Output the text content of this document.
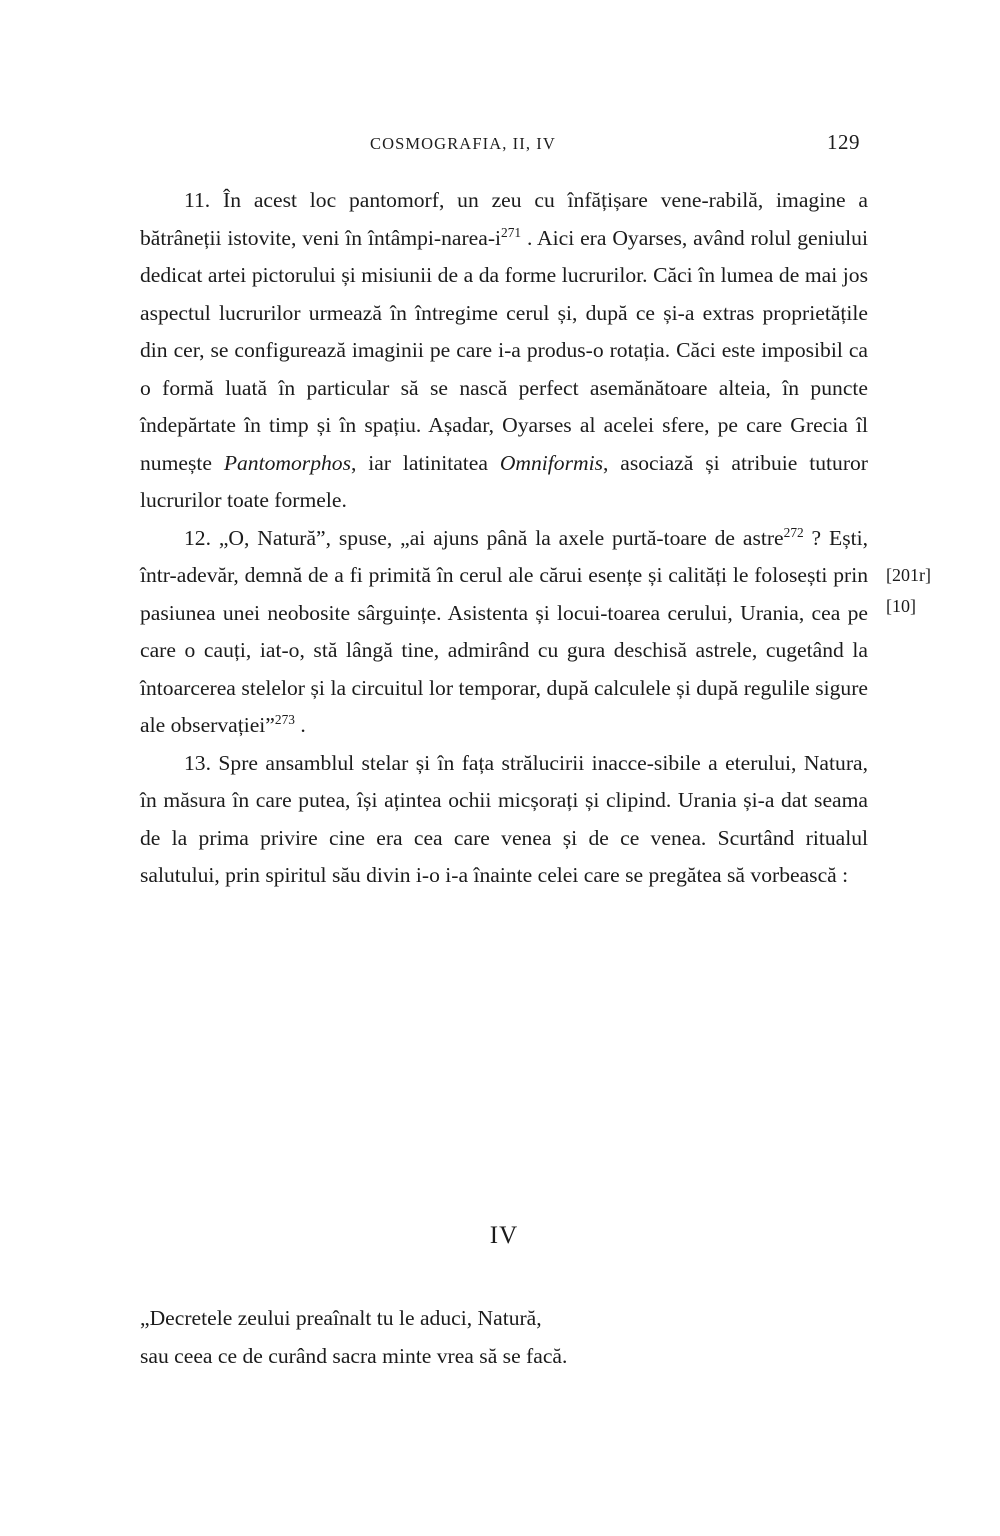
COSMOGRAFIA, II, IV	129

11. În acest loc pantomorf, un zeu cu înfățișare vene-rabilă, imagine a bătrâneții istovite, veni în întâmpi-$narea-i^{271}$ . Aici era Oyarses, având rolul geniului dedicat artei pictorului și misiunii de a da forme lucrurilor. Căci în lumea de mai jos aspectul lucrurilor urmează în întregime cerul și, după ce și-a extras proprietățile din cer, se configurează imaginii pe care i-a produs-o rotația. Căci este imposibil ca o formă luată în particular să se nască perfect asemănătoare alteia, în puncte îndepărtate în timp și în spațiu. Așadar, Oyarses al acelei sfere, pe care Grecia îl numește Pantomorphos, iar latinitatea Omniformis, asociază și atribuie tuturor lucrurilor toate formele.

12. „O, Natură”, spuse, „ai ajuns până la axele purtă-toare de astre$^{272}$ ? Ești, într-adevăr, demnă de a fi primită în cerul ale cărui esențe și calități le folosești prin pasiunea unei neobosite sârguințe. Asistenta și locui-toarea cerului, Urania, cea pe care o cauți, iat-o, stă lângă tine, admirând cu gura deschisă astrele, cugetând la întoarcerea stelelor și la circuitul lor temporar, după calculele și după regulile sigure ale observației”$^{273}$ .

13. Spre ansamblul stelar și în fața strălucirii inacce-sibile a eterului, Natura, în măsura în care putea, își ațintea ochii micșorați și clipind. Urania și-a dat seama de la prima privire cine era cea care venea și de ce venea. Scurtând ritualul salutului, prin spiritul său divin i-o i-a înainte celei care se pregătea să vorbească :

IV
„Decretele zeului preaînalt tu le aduci, Natură,
sau ceea ce de curând sacra minte vrea să se facă.
[201r]
[10]
